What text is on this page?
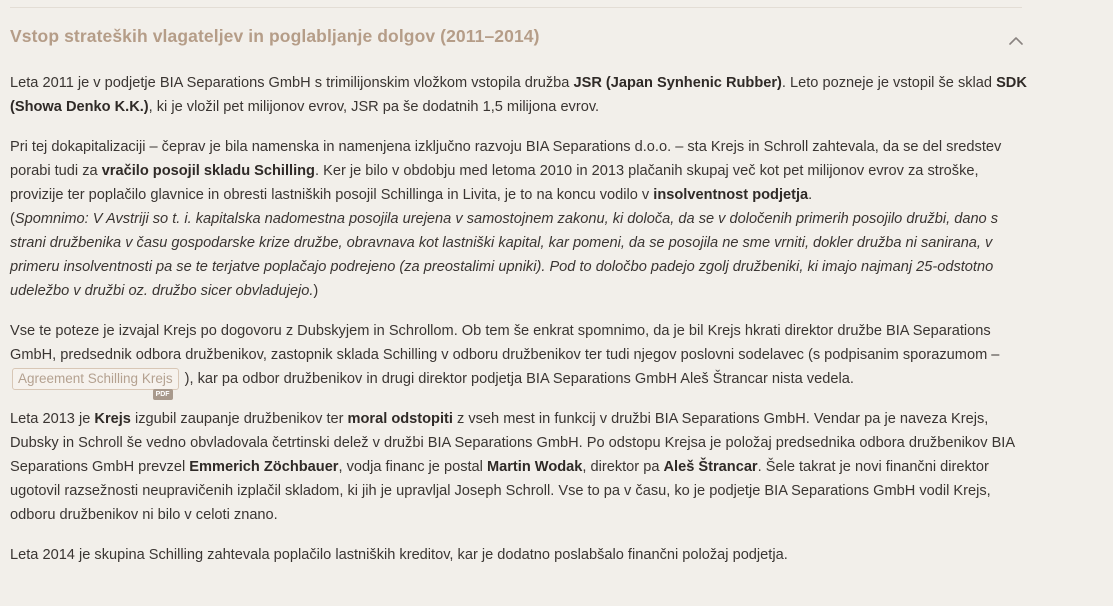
Vstop strateških vlagateljev in poglabljanje dolgov (2011–2014)

Leta 2011 je v podjetje BIA Separations GmbH s trimilijonskim vložkom vstopila družba JSR (Japan Synhenic Rubber). Leto pozneje je vstopil še sklad SDK (Showa Denko K.K.), ki je vložil pet milijonov evrov, JSR pa še dodatnih 1,5 milijona evrov.

Pri tej dokapitalizaciji – čeprav je bila namenska in namenjena izključno razvoju BIA Separations d.o.o. – sta Krejs in Schroll zahtevala, da se del sredstev porabi tudi za vračilo posojil skladu Schilling. Ker je bilo v obdobju med letoma 2010 in 2013 plačanih skupaj več kot pet milijonov evrov za stroške, provizije ter poplačilo glavnice in obresti lastniških posojil Schillinga in Livita, je to na koncu vodilo v insolventnost podjetja.
(Spomnimo: V Avstriji so t. i. kapitalska nadomestna posojila urejena v samostojnem zakonu, ki določa, da se v določenih primerih posojilo družbi, dano s strani družbenika v času gospodarske krize družbe, obravnava kot lastniški kapital, kar pomeni, da se posojila ne sme vrniti, dokler družba ni sanirana, v primeru insolventnosti pa se te terjatve poplačajo podrejeno (za preostalimi upniki). Pod to določbo padejo zgolj družbeniki, ki imajo najmanj 25-odstotno udeležbo v družbi oz. družbo sicer obvladujejo.)

Vse te poteze je izvajal Krejs po dogovoru z Dubskyjem in Schrollom. Ob tem še enkrat spomnimo, da je bil Krejs hkrati direktor družbe BIA Separations GmbH, predsednik odbora družbenikov, zastopnik sklada Schilling v odboru družbenikov ter tudi njegov poslovni sodelavec (s podpisanim sporazumom – Agreement Schilling Krejs
PDF
), kar pa odbor družbenikov in drugi direktor podjetja BIA Separations GmbH Aleš Štrancar nista vedela.

Leta 2013 je Krejs izgubil zaupanje družbenikov ter moral odstopiti z vseh mest in funkcij v družbi BIA Separations GmbH. Vendar pa je naveza Krejs, Dubsky in Schroll še vedno obvladovala četrtinski delež v družbi BIA Separations GmbH. Po odstopu Krejsa je položaj predsednika odbora družbenikov BIA Separations GmbH prevzel Emmerich Zöchbauer, vodja financ je postal Martin Wodak, direktor pa Aleš Štrancar. Šele takrat je novi finančni direktor ugotovil razsežnosti neupravičenih izplačil skladom, ki jih je upravljal Joseph Schroll. Vse to pa v času, ko je podjetje BIA Separations GmbH vodil Krejs, odboru družbenikov ni bilo v celoti znano.

Leta 2014 je skupina Schilling zahtevala poplačilo lastniških kreditov, kar je dodatno poslabšalo finančni položaj podjetja.
